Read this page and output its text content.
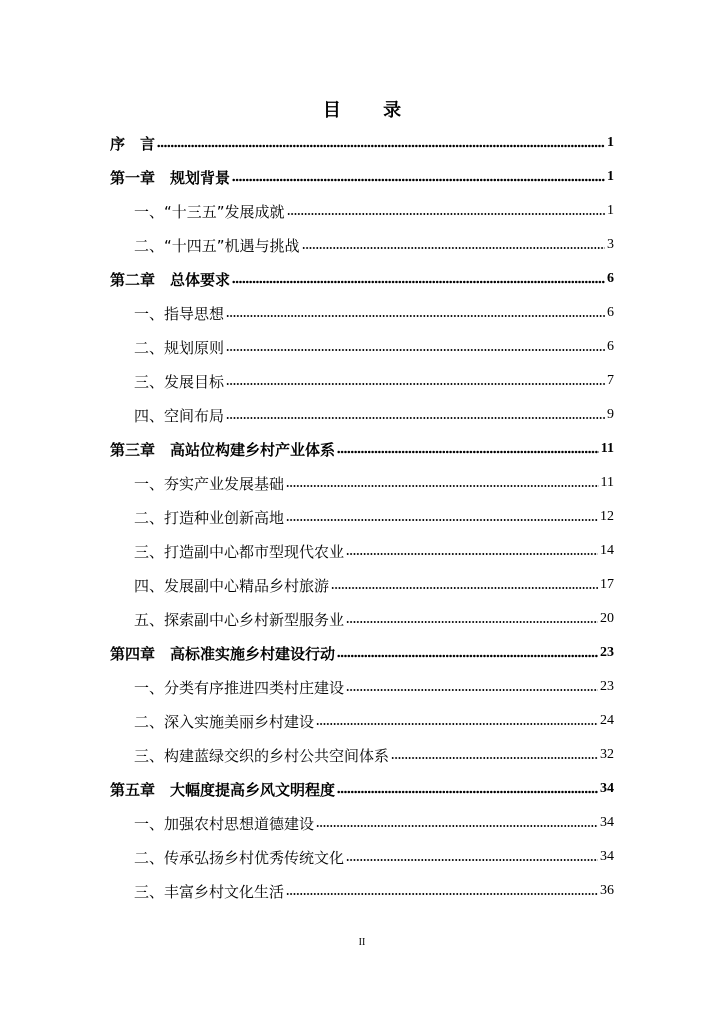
目 录
序　言	1
第一章　规划背景	1
一、“十三五”发展成就	1
二、“十四五”机遇与挑战	3
第二章　总体要求	6
一、指导思想	6
二、规划原则	6
三、发展目标	7
四、空间布局	9
第三章　高站位构建乡村产业体系	11
一、夯实产业发展基础	11
二、打造种业创新高地	12
三、打造副中心都市型现代农业	14
四、发展副中心精品乡村旅游	17
五、探索副中心乡村新型服务业	20
第四章　高标准实施乡村建设行动	23
一、分类有序推进四类村庄建设	23
二、深入实施美丽乡村建设	24
三、构建蓝绿交织的乡村公共空间体系	32
第五章　大幅度提高乡风文明程度	34
一、加强农村思想道德建设	34
二、传承弘扬乡村优秀传统文化	34
三、丰富乡村文化生活	36
II
